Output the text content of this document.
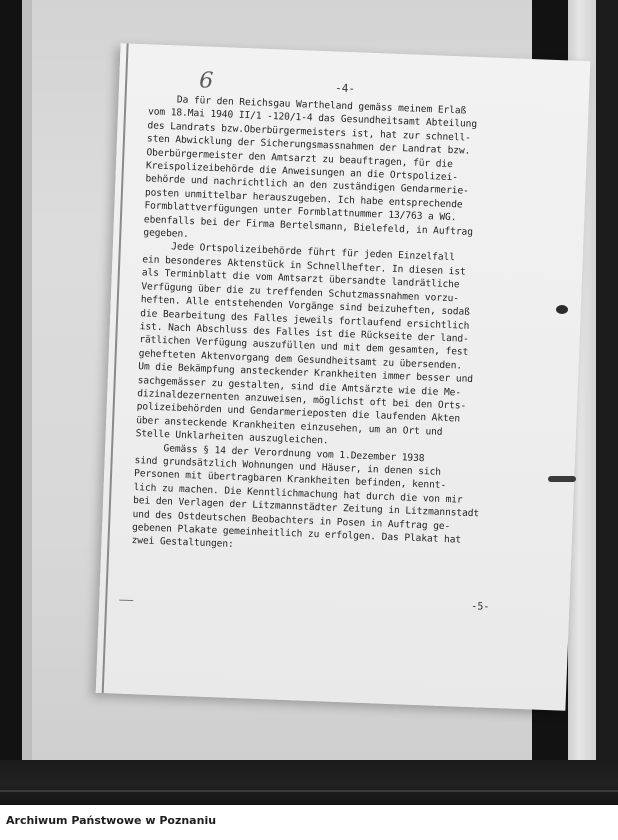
6	-4-
Da für den Reichsgau Wartheland gemäss meinem Erlaß
vom 18.Mai 1940 II/1 -120/1-4 das Gesundheitsamt Abteilung
des Landrats bzw.Oberbürgermeisters ist, hat zur schnell-
sten Abwicklung der Sicherungsmassnahmen der Landrat bzw.
Oberbürgermeister den Amtsarzt zu beauftragen, für die
Kreispolizeibehörde die Anweisungen an die Ortspolizei-
behörde und nachrichtlich an den zuständigen Gendarmerie-
posten unmittelbar herauszugeben. Ich habe entsprechende
Formblattverfügungen unter Formblattnummer 13/763 a WG.
ebenfalls bei der Firma Bertelsmann, Bielefeld, in Auftrag
gegeben.
Jede Ortspolizeibehörde führt für jeden Einzelfall
ein besonderes Aktenstück in Schnellhefter. In diesen ist
als Terminblatt die vom Amtsarzt übersandte landrätliche
Verfügung über die zu treffenden Schutzmassnahmen vorzu-
heften. Alle entstehenden Vorgänge sind beizuheften, sodaß
die Bearbeitung des Falles jeweils fortlaufend ersichtlich
ist. Nach Abschluss des Falles ist die Rückseite der land-
rätlichen Verfügung auszufüllen und mit dem gesamten, fest
gehefteten Aktenvorgang dem Gesundheitsamt zu übersenden.
Um die Bekämpfung ansteckender Krankheiten immer besser und
sachgemässer zu gestalten, sind die Amtsärzte wie die Me-
dizinaldezernenten anzuweisen, möglichst oft bei den Orts-
polizeibehörden und Gendarmerieposten die laufenden Akten
über ansteckende Krankheiten einzusehen, um an Ort und
Stelle Unklarheiten auszugleichen.
Gemäss § 14 der Verordnung vom 1.Dezember 1938
sind grundsätzlich Wohnungen und Häuser, in denen sich
Personen mit übertragbaren Krankheiten befinden, kennt-
lich zu machen. Die Kenntlichmachung hat durch die von mir
bei den Verlagen der Litzmannstädter Zeitung in Litzmannstadt
und des Ostdeutschen Beobachters in Posen in Auftrag ge-
gebenen Plakate gemeinheitlich zu erfolgen. Das Plakat hat
zwei Gestaltungen:
-5-
Archiwum Państwowe w Poznaniu
